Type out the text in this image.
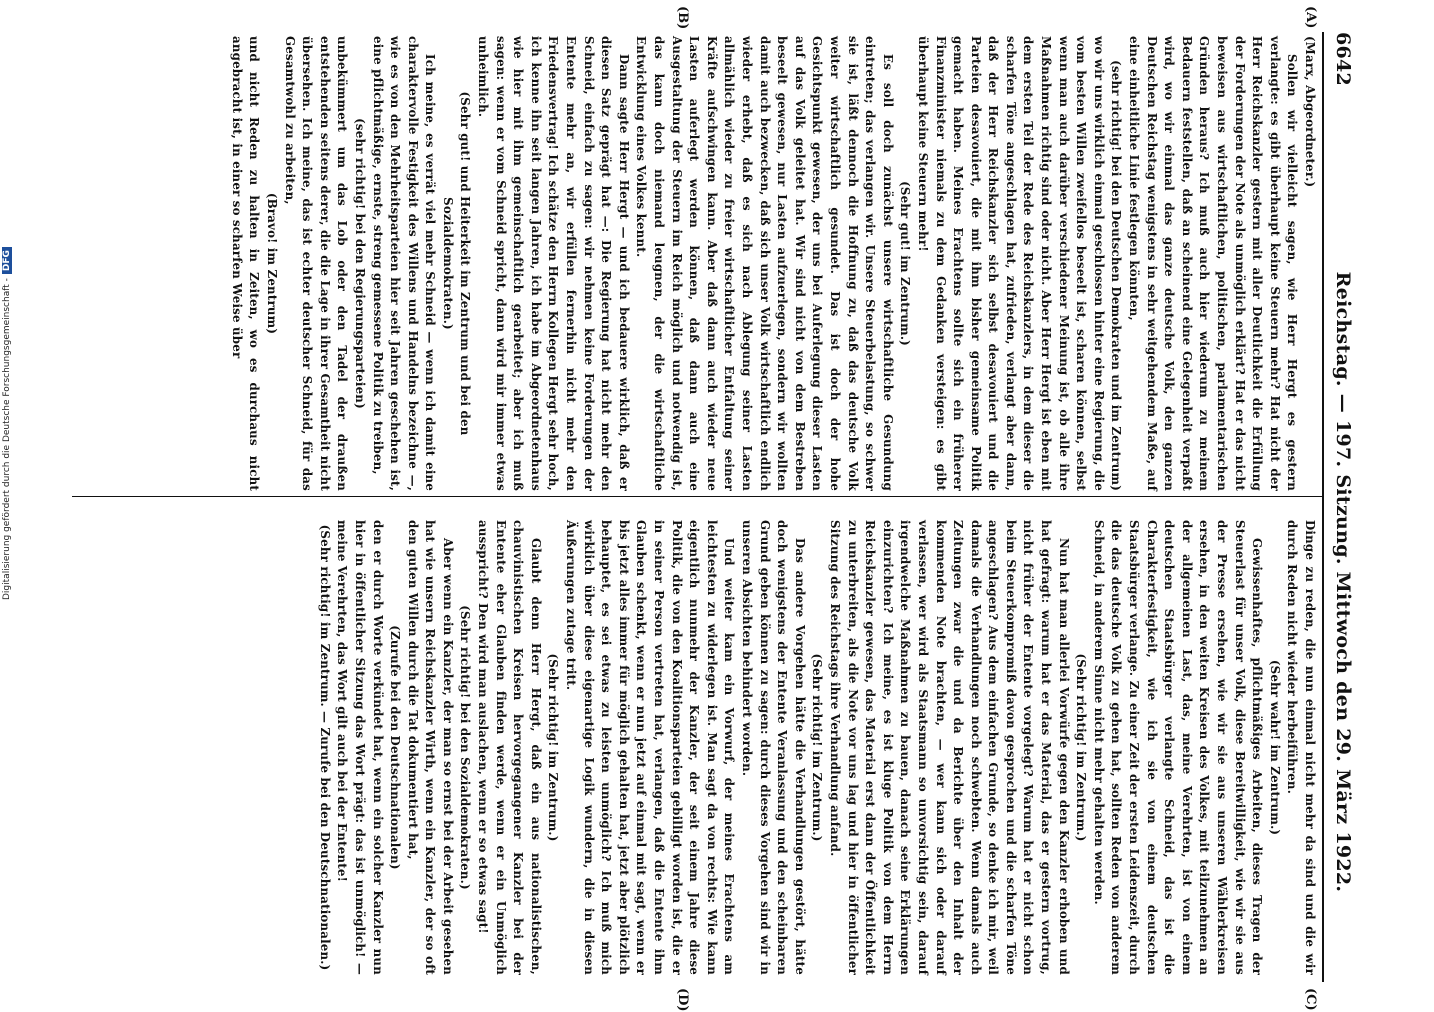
6642
Reichstag. — 197. Sitzung. Mittwoch den 29. März 1922.
(A)
(B)
(C)
(D)

(Marx, Abgeordneter.)

Sollen wir vielleicht sagen, wie Herr Hergt es gestern verlangte: es gibt überhaupt keine Steuern mehr? Hat nicht der Herr Reichskanzler gestern mit aller Deutlichkeit die Erfüllung der Forderungen der Note als unmöglich erklärt? Hat er das nicht beweisen aus wirtschaftlichen, politischen, parlamentarischen Gründen heraus? Ich muß auch hier wiederum zu meinem Bedauern feststellen, daß an scheinend eine Gelegenheit verpaßt wird, wo wir einmal das ganze deutsche Volk, den ganzen Deutschen Reichstag wenigstens in sehr weitgehendem Maße, auf eine einheitliche Linie festlegen könnten,

(sehr richtig! bei den Deutschen Demokraten und im Zentrum)

wo wir uns wirklich einmal geschlossen hinter eine Regierung, die vom besten Willen zweifellos beseelt ist, scharen können, selbst wenn man auch darüber verschiedener Meinung ist, ob alle ihre Maßnahmen richtig sind oder nicht. Aber Herr Hergt ist eben mit dem ersten Teil der Rede des Reichskanzlers, in dem dieser die scharfen Töne angeschlagen hat, zufrieden, verlangt aber dann, daß der Herr Reichskanzler sich selbst desavouiert und die Parteien desavouiert, die mit ihm bisher gemeinsame Politik gemacht haben. Meines Erachtens sollte sich ein früherer Finanzminister niemals zu dem Gedanken versteigen: es gibt überhaupt keine Steuern mehr!

(Sehr gut! im Zentrum.)

Es soll doch zunächst unsere wirtschaftliche Gesundung eintreten; das verlangen wir. Unsere Steuerbelastung, so schwer sie ist, läßt dennoch die Hoffnung zu, daß das deutsche Volk weiter wirtschaftlich gesundet. Das ist doch der hohe Gesichtspunkt gewesen, der uns bei Auferlegung dieser Lasten auf das Volk geleitet hat. Wir sind nicht von dem Bestreben beseelt gewesen, nur Lasten aufzuerlegen, sondern wir wollten damit auch bezwecken, daß sich unser Volk wirtschaftlich endlich wieder erhebt, daß es sich nach Ablegung seiner Lasten allmählich wieder zu freier wirtschaftlicher Entfaltung seiner Kräfte aufschwingen kann. Aber daß dann auch wieder neue Lasten auferlegt werden können, daß dann auch eine Ausgestaltung der Steuern im Reich möglich und notwendig ist, das kann doch niemand leugnen, der die wirtschaftliche Entwicklung eines Volkes kennt.

Dann sagte Herr Hergt — und ich bedauere wirklich, daß er diesen Satz geprägt hat —: Die Regierung hat nicht mehr den Schneid, einfach zu sagen: wir nehmen keine Forderungen der Entente mehr an, wir erfüllen fernerhin nicht mehr den Friedensvertrag! Ich schätze den Herrn Kollegen Hergt sehr hoch, ich kenne ihn seit langen Jahren, ich habe im Abgeordnetenhaus wie hier mit ihm gemeinschaftlich gearbeitet; aber ich muß sagen: wenn er vom Schneid spricht, dann wird mir immer etwas unheimlich.

(Sehr gut! und Heiterkeit im Zentrum und bei den Sozialdemokraten.)

Ich meine, es verrät viel mehr Schneid — wenn ich damit eine charaktervolle Festigkeit des Willens und Handelns bezeichne —, wie es von den Mehrheitsparteien hier seit Jahren geschehen ist, eine pflichtmäßige, ernste, streng gemessene Politik zu treiben,

(sehr richtig! bei den Regierungsparteien)

unbekümmert um das Lob oder den Tadel der draußen entstehenden seitens derer, die die Lage in ihrer Gesamtheit nicht übersehen. Ich meine, das ist echter deutscher Schneid, für das Gesamtwohl zu arbeiten,

(Bravo! im Zentrum)

und nicht Reden zu halten in Zeiten, wo es durchaus nicht angebracht ist, in einer so scharfen Weise über

Dinge zu reden, die nun einmal nicht mehr da sind und die wir durch Reden nicht wieder herbeiführen.

(Sehr wahr! im Zentrum.)

Gewissenhaftes, pflichtmäßiges Arbeiten, dieses Tragen der Steuerlast für unser Volk, diese Bereitwilligkeit, wie wir sie aus der Presse ersehen, wie wir sie aus unseren Wählerkreisen ersehen, in den weiten Kreisen des Volkes, mit teilzunehmen an der allgemeinen Last, das, meine Verehrten, ist von einem deutschen Staatsbürger verlangte Schneid, das ist die Charakterfestigkeit, wie ich sie von einem deutschen Staatsbürger verlange. Zu einer Zeit der ersten Leidenszeit, durch die das deutsche Volk zu gehen hat, sollten Reden von anderem Schneid, in anderem Sinne nicht mehr gehalten werden.

(Sehr richtig! im Zentrum.)

Nun hat man allerlei Vorwürfe gegen den Kanzler erhoben und hat gefragt: warum hat er das Material, das er gestern vortrug, nicht früher der Entente vorgelegt? Warum hat er nicht schon beim Steuerkompromiß davon gesprochen und die scharfen Töne angeschlagen? Aus dem einfachen Grunde, so denke ich mir, weil damals die Verhandlungen noch schwebten. Wenn damals auch Zeitungen zwar die und da Berichte über den Inhalt der kommenden Note brachten, — wer kann sich oder darauf verlassen, wer wird als Staatsmann so unvorsichtig sein, darauf irgendwelche Maßnahmen zu bauen, danach seine Erklärungen einzurichten? Ich meine, es ist kluge Politik von dem Herrn Reichskanzler gewesen, das Material erst dann der Öffentlichkeit zu unterbreiten, als die Note vor uns lag und hier in öffentlicher Sitzung des Reichstags ihre Verhandlung anfand.

(Sehr richtig! im Zentrum.)

Das andere Vorgehen hätte die Verhandlungen gestört, hätte doch wenigstens der Entente Veranlassung und den scheinbaren Grund geben können zu sagen: durch dieses Vorgehen sind wir in unseren Absichten behindert worden.

Und weiter kam ein Vorwurf, der meines Erachtens am leichtesten zu widerlegen ist. Man sagt da von rechts: Wie kann eigentlich nunmehr der Kanzler, der seit einem Jahre diese Politik, die von den Koalitionsparteien gebilligt worden ist, die er in seiner Person vertreten hat, verlangen, daß die Entente ihm Glauben schenkt, wenn er nun jetzt auf einmal mit sagt, wenn er bis jetzt alles immer für möglich gehalten hat, jetzt aber plötzlich behauptet, es sei etwas zu leisten unmöglich? Ich muß mich wirklich über diese eigenartige Logik wundern, die in diesen Äußerungen zutage tritt.

(Sehr richtig! im Zentrum.)

Glaubt denn Herr Hergt, daß ein aus nationalistischen, chauvinistischen Kreisen hervorgegangener Kanzler bei der Entente eher Glauben finden werde, wenn er ein Unmöglich ausspricht? Den wird man auslachen, wenn er so etwas sagt!

(Sehr richtig! bei den Sozialdemokraten.)

Aber wenn ein Kanzler, der man so ernst bei der Arbeit gesehen hat wie unsern Reichskanzler Wirth, wenn ein Kanzler, der so oft den guten Willen durch die Tat dokumentiert hat,

(Zurufe bei den Deutschnationalen)

den er durch Worte verkündet hat, wenn ein solcher Kanzler nun hier in öffentlicher Sitzung das Wort prägt: das ist unmöglich! — meine Verehrten, das Wort gilt auch bei der Entente!

(Sehr richtig! im Zentrum. — Zurufe bei den Deutschnationalen.)

Digitalisierung gefördert durch die Deutsche Forschungsgemeinschaft -DFG
